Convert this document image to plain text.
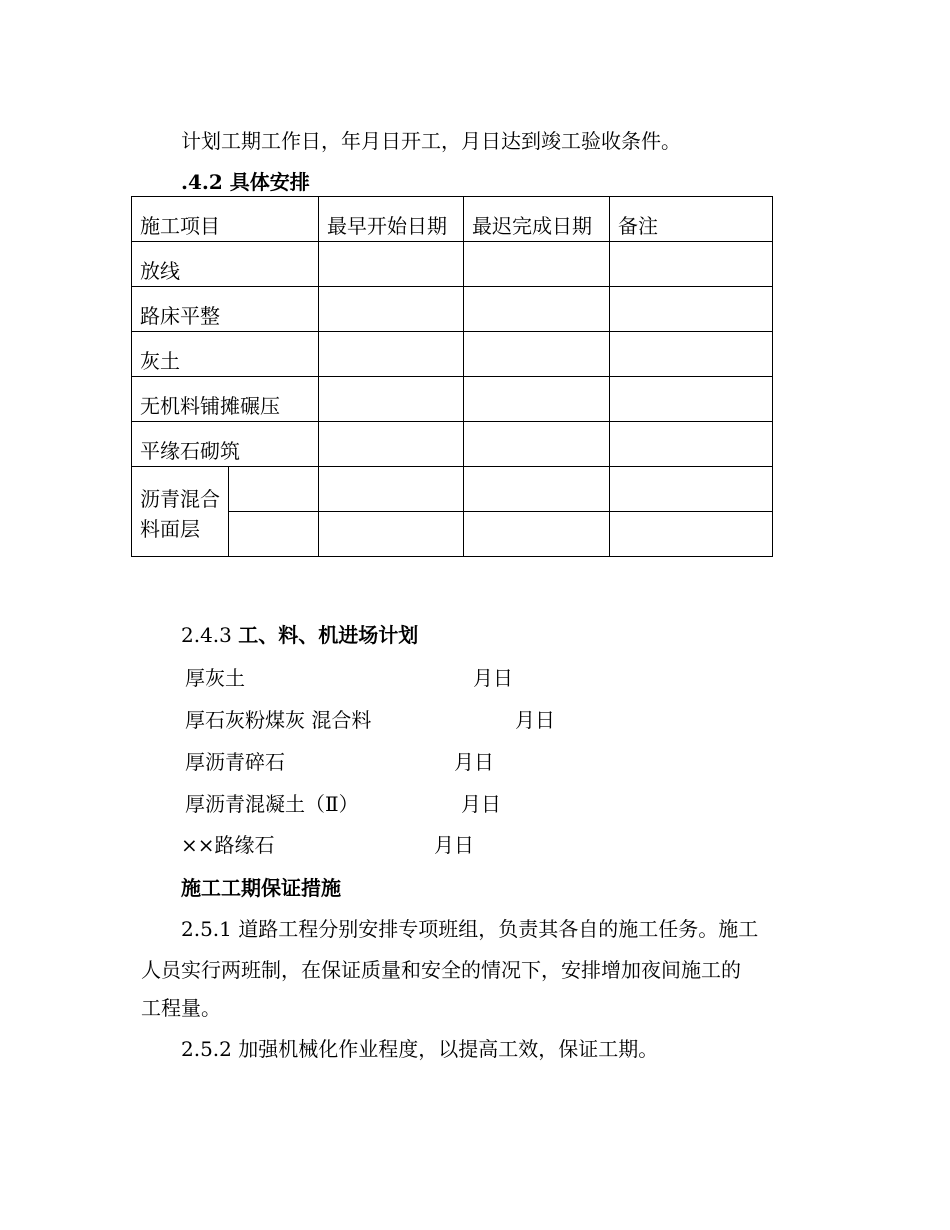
计划工期工作日，年月日开工，月日达到竣工验收条件。
.4.2 具体安排
施工项目		最早开始日期	最迟完成日期	备注
放线				
路床平整				
灰土				
无机料铺摊碾压				
平缘石砌筑				
沥青混合料面层				

2.4.3 工、料、机进场计划
厚灰土	月日
厚石灰粉煤灰 混合料	月日
厚沥青碎石	月日
厚沥青混凝土（Ⅱ）	月日
××路缘石	月日
施工工期保证措施
2.5.1 道路工程分别安排专项班组，负责其各自的施工任务。施工
人员实行两班制，在保证质量和安全的情况下，安排增加夜间施工的
工程量。
2.5.2 加强机械化作业程度，以提高工效，保证工期。
